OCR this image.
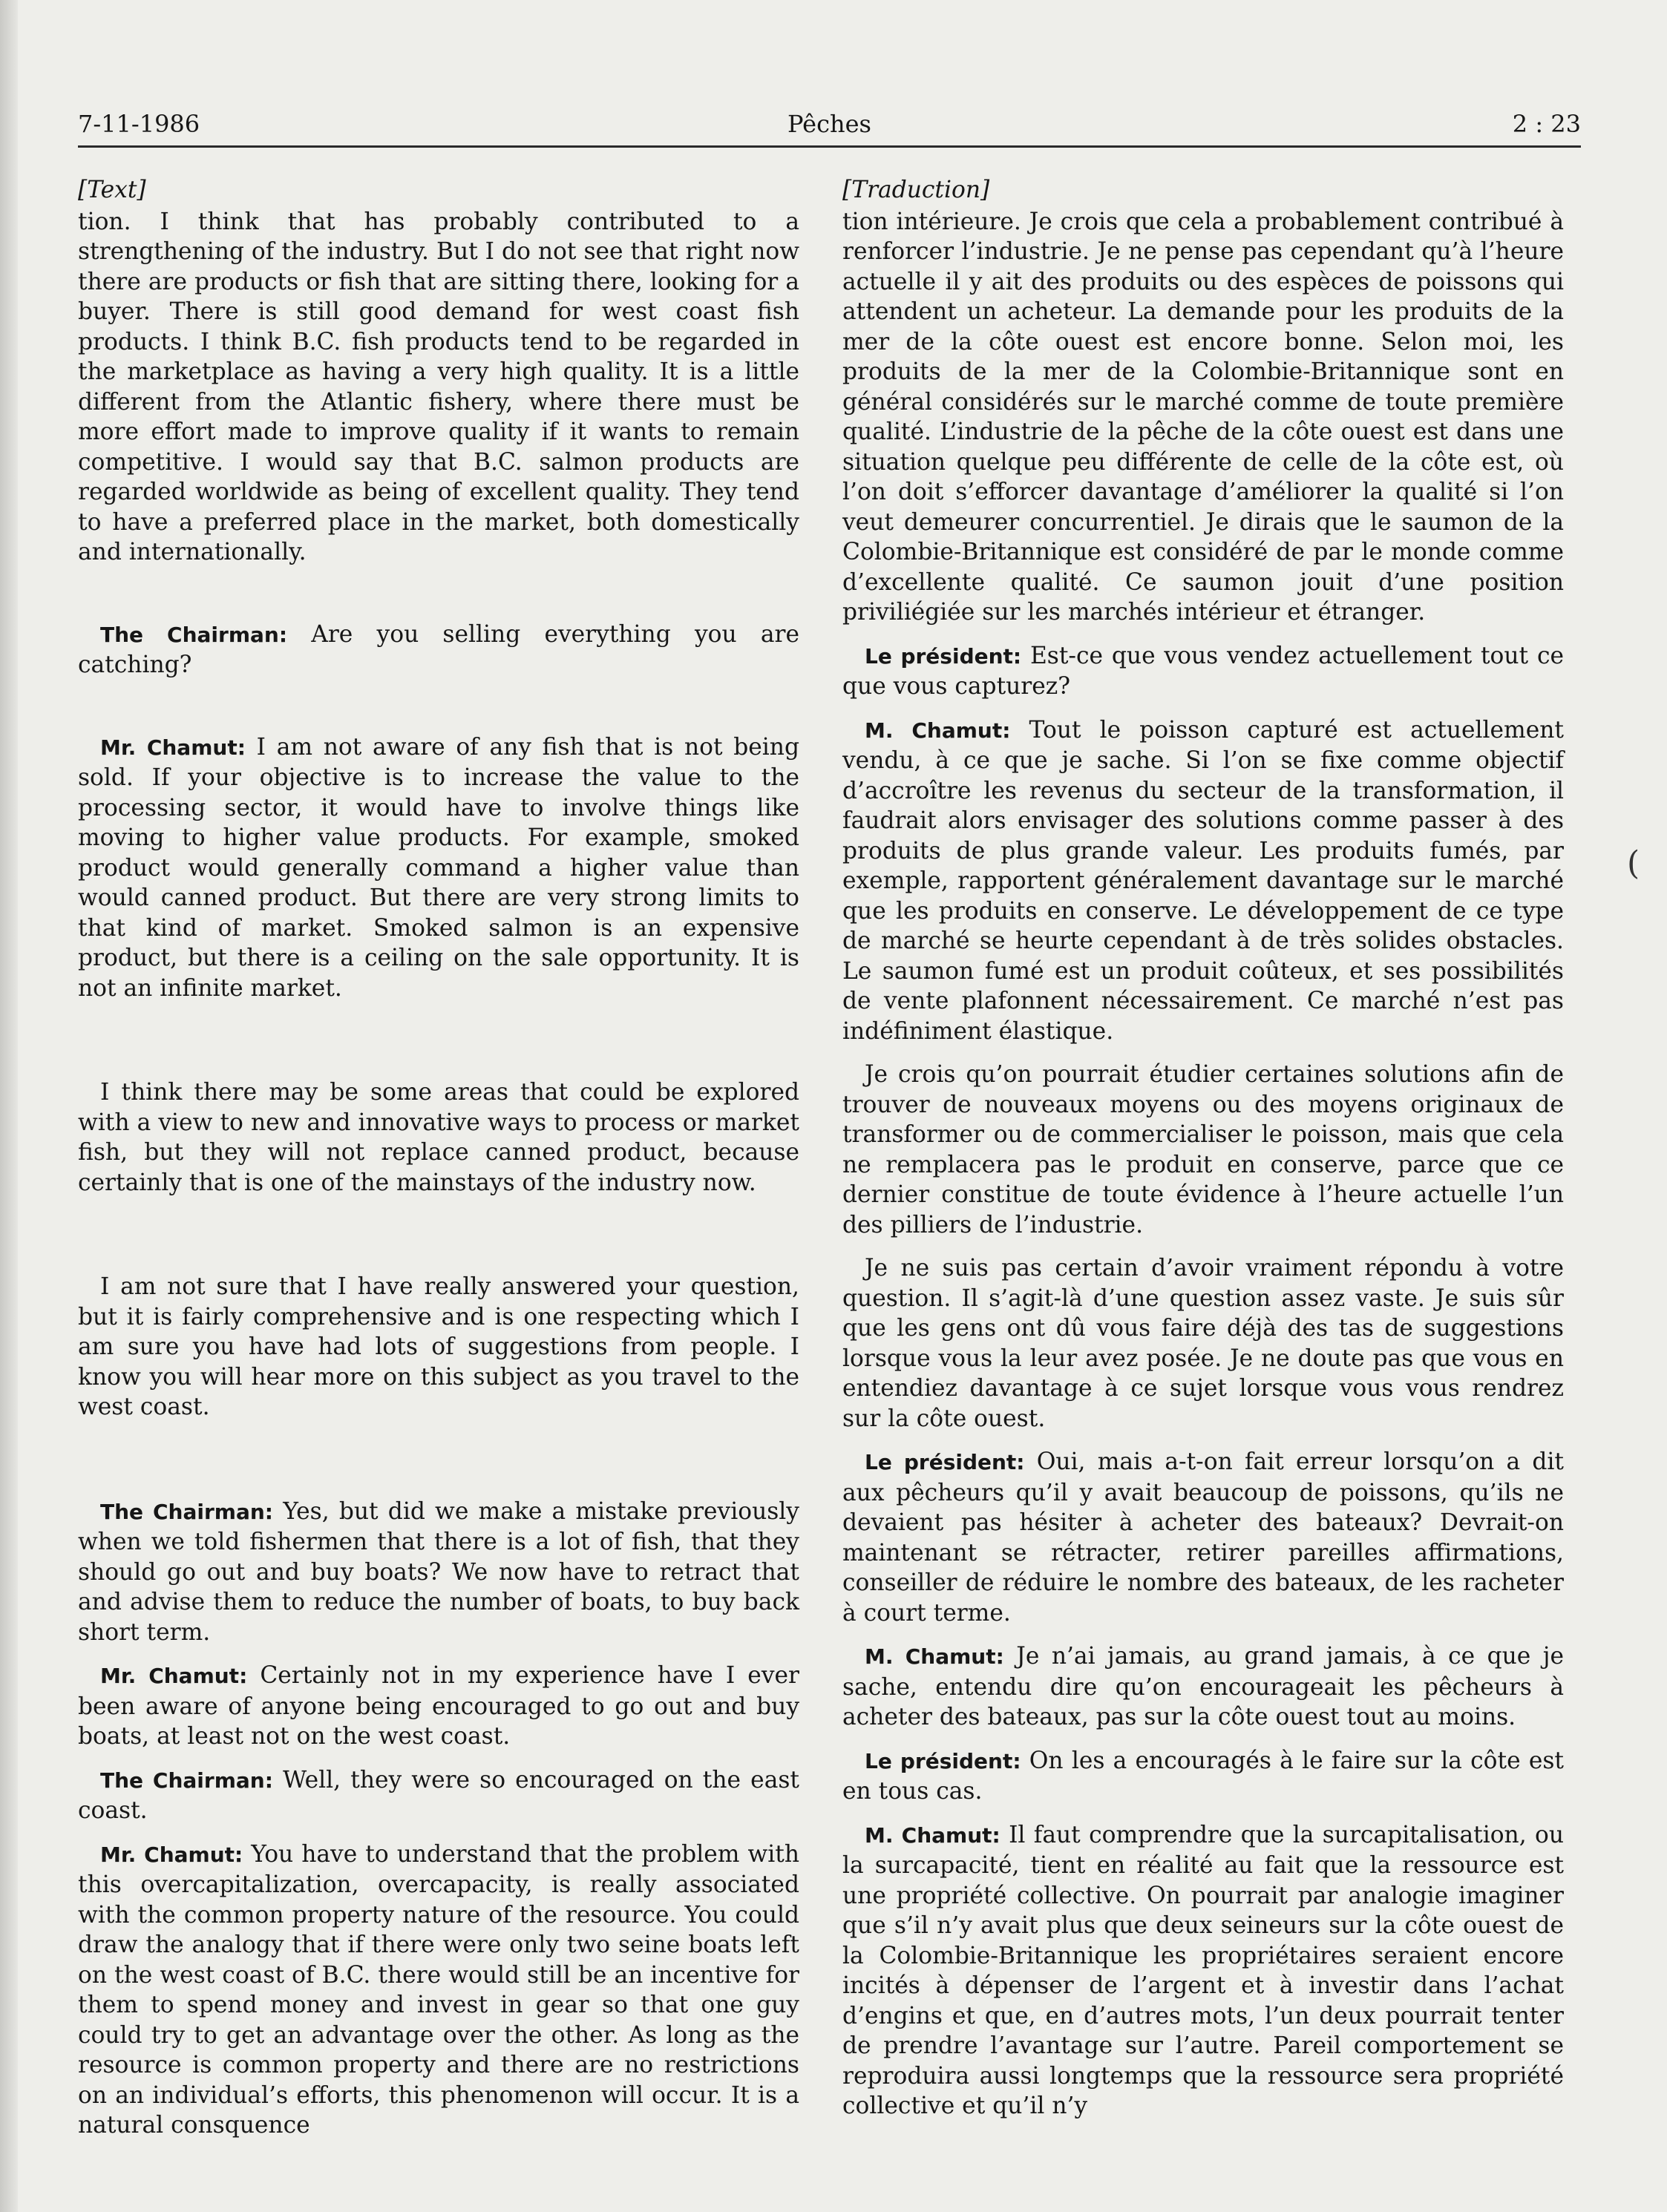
7-11-1986	Pêches	2 : 23

[Text]

tion. I think that has probably contributed to a strengthening of the industry. But I do not see that right now there are products or fish that are sitting there, looking for a buyer. There is still good demand for west coast fish products. I think B.C. fish products tend to be regarded in the marketplace as having a very high quality. It is a little different from the Atlantic fishery, where there must be more effort made to improve quality if it wants to remain competitive. I would say that B.C. salmon products are regarded worldwide as being of excellent quality. They tend to have a preferred place in the market, both domestically and internationally.

The Chairman: Are you selling everything you are catching?

Mr. Chamut: I am not aware of any fish that is not being sold. If your objective is to increase the value to the processing sector, it would have to involve things like moving to higher value products. For example, smoked product would generally command a higher value than would canned product. But there are very strong limits to that kind of market. Smoked salmon is an expensive product, but there is a ceiling on the sale opportunity. It is not an infinite market.

I think there may be some areas that could be explored with a view to new and innovative ways to process or market fish, but they will not replace canned product, because certainly that is one of the mainstays of the industry now.

I am not sure that I have really answered your question, but it is fairly comprehensive and is one respecting which I am sure you have had lots of suggestions from people. I know you will hear more on this subject as you travel to the west coast.

The Chairman: Yes, but did we make a mistake previously when we told fishermen that there is a lot of fish, that they should go out and buy boats? We now have to retract that and advise them to reduce the number of boats, to buy back short term.

Mr. Chamut: Certainly not in my experience have I ever been aware of anyone being encouraged to go out and buy boats, at least not on the west coast.

The Chairman: Well, they were so encouraged on the east coast.

Mr. Chamut: You have to understand that the problem with this overcapitalization, overcapacity, is really associated with the common property nature of the resource. You could draw the analogy that if there were only two seine boats left on the west coast of B.C. there would still be an incentive for them to spend money and invest in gear so that one guy could try to get an advantage over the other. As long as the resource is common property and there are no restrictions on an individual’s efforts, this phenomenon will occur. It is a natural consquence

[Traduction]

tion intérieure. Je crois que cela a probablement contribué à renforcer l’industrie. Je ne pense pas cependant qu’à l’heure actuelle il y ait des produits ou des espèces de poissons qui attendent un acheteur. La demande pour les produits de la mer de la côte ouest est encore bonne. Selon moi, les produits de la mer de la Colombie-Britannique sont en général considérés sur le marché comme de toute première qualité. L’industrie de la pêche de la côte ouest est dans une situation quelque peu différente de celle de la côte est, où l’on doit s’efforcer davantage d’améliorer la qualité si l’on veut demeurer concurrentiel. Je dirais que le saumon de la Colombie-Britannique est considéré de par le monde comme d’excellente qualité. Ce saumon jouit d’une position priviliégiée sur les marchés intérieur et étranger.

Le président: Est-ce que vous vendez actuellement tout ce que vous capturez?

M. Chamut: Tout le poisson capturé est actuellement vendu, à ce que je sache. Si l’on se fixe comme objectif d’accroître les revenus du secteur de la transformation, il faudrait alors envisager des solutions comme passer à des produits de plus grande valeur. Les produits fumés, par exemple, rapportent généralement davantage sur le marché que les produits en conserve. Le développement de ce type de marché se heurte cependant à de très solides obstacles. Le saumon fumé est un produit coûteux, et ses possibilités de vente plafonnent nécessairement. Ce marché n’est pas indéfiniment élastique.

Je crois qu’on pourrait étudier certaines solutions afin de trouver de nouveaux moyens ou des moyens originaux de transformer ou de commercialiser le poisson, mais que cela ne remplacera pas le produit en conserve, parce que ce dernier constitue de toute évidence à l’heure actuelle l’un des pilliers de l’industrie.

Je ne suis pas certain d’avoir vraiment répondu à votre question. Il s’agit-là d’une question assez vaste. Je suis sûr que les gens ont dû vous faire déjà des tas de suggestions lorsque vous la leur avez posée. Je ne doute pas que vous en entendiez davantage à ce sujet lorsque vous vous rendrez sur la côte ouest.

Le président: Oui, mais a-t-on fait erreur lorsqu’on a dit aux pêcheurs qu’il y avait beaucoup de poissons, qu’ils ne devaient pas hésiter à acheter des bateaux? Devrait-on maintenant se rétracter, retirer pareilles affirmations, conseiller de réduire le nombre des bateaux, de les racheter à court terme.

M. Chamut: Je n’ai jamais, au grand jamais, à ce que je sache, entendu dire qu’on encourageait les pêcheurs à acheter des bateaux, pas sur la côte ouest tout au moins.

Le président: On les a encouragés à le faire sur la côte est en tous cas.

M. Chamut: Il faut comprendre que la surcapitalisation, ou la surcapacité, tient en réalité au fait que la ressource est une propriété collective. On pourrait par analogie imaginer que s’il n’y avait plus que deux seineurs sur la côte ouest de la Colombie-Britannique les propriétaires seraient encore incités à dépenser de l’argent et à investir dans l’achat d’engins et que, en d’autres mots, l’un deux pourrait tenter de prendre l’avantage sur l’autre. Pareil comportement se reproduira aussi longtemps que la ressource sera propriété collective et qu’il n’y

(
